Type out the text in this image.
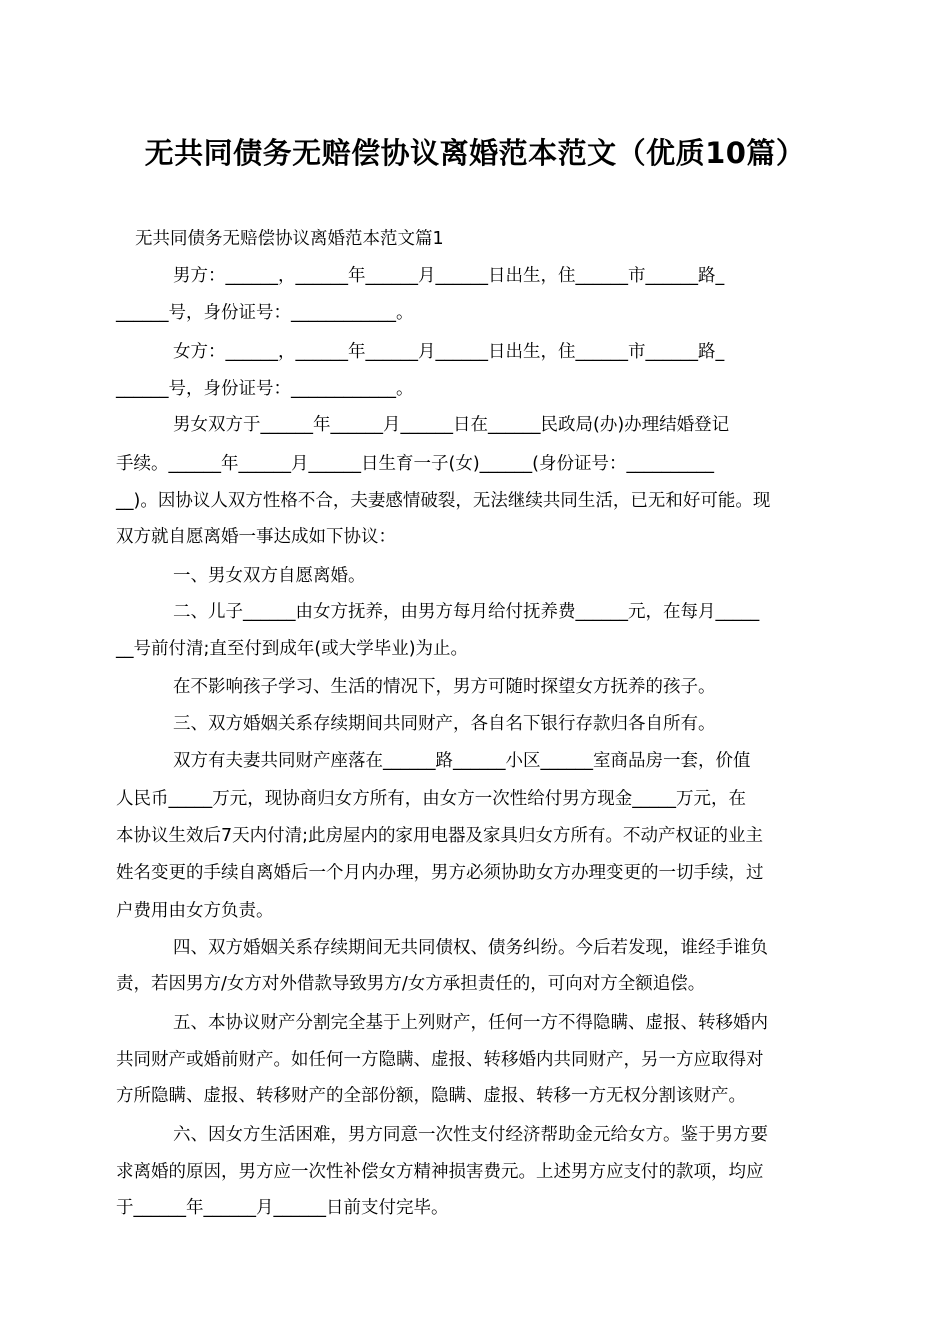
无共同债务无赔偿协议离婚范本范文（优质10篇）
无共同债务无赔偿协议离婚范本范文篇1
男方：______，______年______月______日出生，住______市______路_
______号，身份证号：____________。
女方：______，______年______月______日出生，住______市______路_
______号，身份证号：____________。
男女双方于______年______月______日在______民政局(办)办理结婚登记
手续。______年______月______日生育一子(女)______(身份证号：__________
__)。因协议人双方性格不合，夫妻感情破裂，无法继续共同生活，已无和好可能。现
双方就自愿离婚一事达成如下协议：
一、男女双方自愿离婚。
二、儿子______由女方抚养，由男方每月给付抚养费______元，在每月_____
__号前付清;直至付到成年(或大学毕业)为止。
在不影响孩子学习、生活的情况下，男方可随时探望女方抚养的孩子。
三、双方婚姻关系存续期间共同财产，各自名下银行存款归各自所有。
双方有夫妻共同财产座落在______路______小区______室商品房一套，价值
人民币_____万元，现协商归女方所有，由女方一次性给付男方现金_____万元，在
本协议生效后7天内付清;此房屋内的家用电器及家具归女方所有。不动产权证的业主
姓名变更的手续自离婚后一个月内办理，男方必须协助女方办理变更的一切手续，过
户费用由女方负责。
四、双方婚姻关系存续期间无共同债权、债务纠纷。今后若发现，谁经手谁负
责，若因男方/女方对外借款导致男方/女方承担责任的，可向对方全额追偿。
五、本协议财产分割完全基于上列财产，任何一方不得隐瞒、虚报、转移婚内
共同财产或婚前财产。如任何一方隐瞒、虚报、转移婚内共同财产，另一方应取得对
方所隐瞒、虚报、转移财产的全部份额，隐瞒、虚报、转移一方无权分割该财产。
六、因女方生活困难，男方同意一次性支付经济帮助金元给女方。鉴于男方要
求离婚的原因，男方应一次性补偿女方精神损害费元。上述男方应支付的款项，均应
于______年______月______日前支付完毕。
